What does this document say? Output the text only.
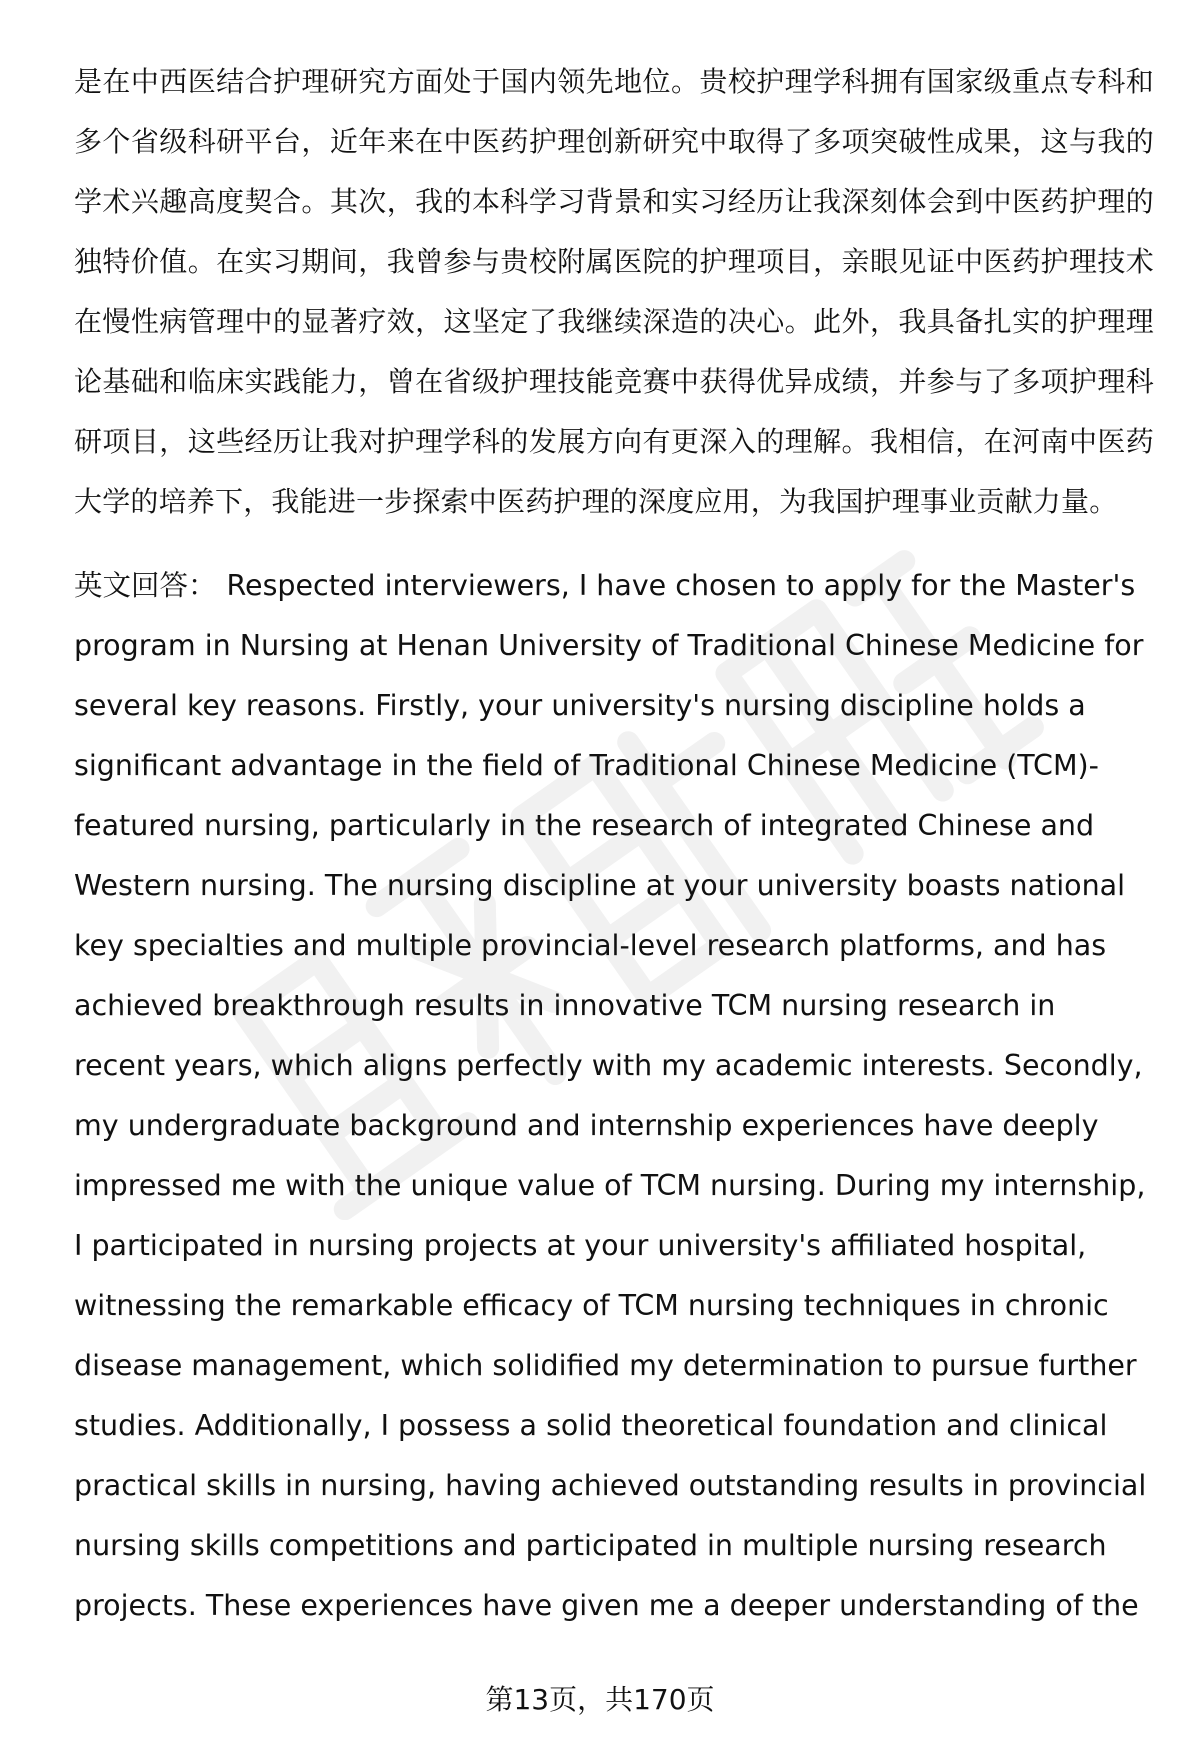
是在中西医结合护理研究方面处于国内领先地位。贵校护理学科拥有国家级重点专科和多个省级科研平台，近年来在中医药护理创新研究中取得了多项突破性成果，这与我的学术兴趣高度契合。其次，我的本科学习背景和实习经历让我深刻体会到中医药护理的独特价值。在实习期间，我曾参与贵校附属医院的护理项目，亲眼见证中医药护理技术在慢性病管理中的显著疗效，这坚定了我继续深造的决心。此外，我具备扎实的护理理论基础和临床实践能力，曾在省级护理技能竞赛中获得优异成绩，并参与了多项护理科研项目，这些经历让我对护理学科的发展方向有更深入的理解。我相信，在河南中医药大学的培养下，我能进一步探索中医药护理的深度应用，为我国护理事业贡献力量。

英文回答： Respected interviewers, I have chosen to apply for the Master's program in Nursing at Henan University of Traditional Chinese Medicine for several key reasons. Firstly, your university's nursing discipline holds a significant advantage in the field of Traditional Chinese Medicine (TCM)-featured nursing, particularly in the research of integrated Chinese and Western nursing. The nursing discipline at your university boasts national key specialties and multiple provincial-level research platforms, and has achieved breakthrough results in innovative TCM nursing research in recent years, which aligns perfectly with my academic interests. Secondly, my undergraduate background and internship experiences have deeply impressed me with the unique value of TCM nursing. During my internship, I participated in nursing projects at your university's affiliated hospital, witnessing the remarkable efficacy of TCM nursing techniques in chronic disease management, which solidified my determination to pursue further studies. Additionally, I possess a solid theoretical foundation and clinical practical skills in nursing, having achieved outstanding results in provincial nursing skills competitions and participated in multiple nursing research projects. These experiences have given me a deeper understanding of the

第13页，共170页
